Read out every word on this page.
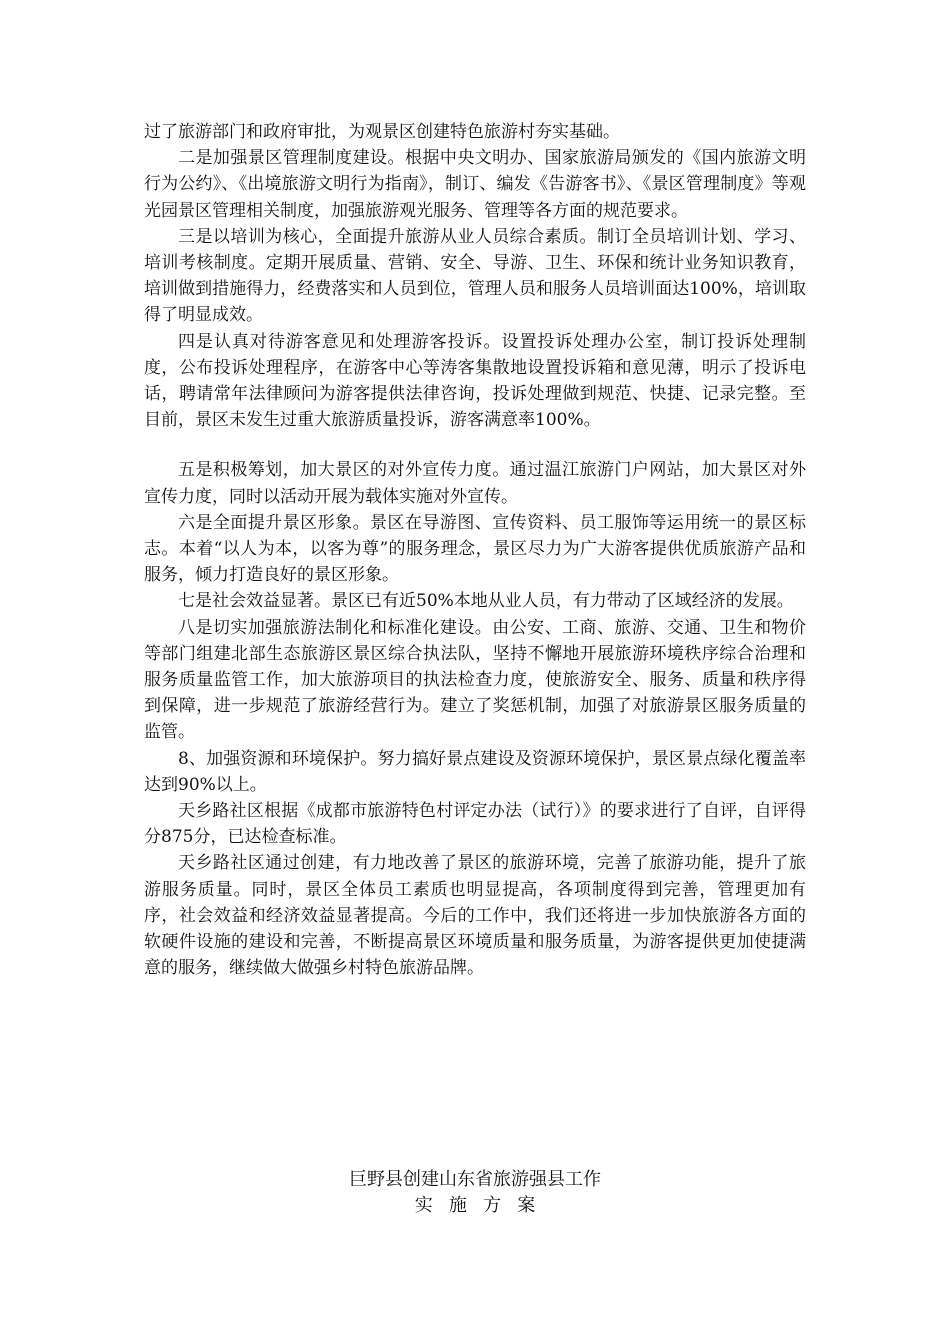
过了旅游部门和政府审批，为观景区创建特色旅游村夯实基础。

二是加强景区管理制度建设。根据中央文明办、国家旅游局颁发的《国内旅游文明行为公约》、《出境旅游文明行为指南》，制订、编发《告游客书》、《景区管理制度》等观光园景区管理相关制度，加强旅游观光服务、管理等各方面的规范要求。

三是以培训为核心，全面提升旅游从业人员综合素质。制订全员培训计划、学习、培训考核制度。定期开展质量、营销、安全、导游、卫生、环保和统计业务知识教育，培训做到措施得力，经费落实和人员到位，管理人员和服务人员培训面达100%，培训取得了明显成效。

四是认真对待游客意见和处理游客投诉。设置投诉处理办公室，制订投诉处理制度，公布投诉处理程序，在游客中心等涛客集散地设置投诉箱和意见薄，明示了投诉电话，聘请常年法律顾问为游客提供法律咨询，投诉处理做到规范、快捷、记录完整。至目前，景区未发生过重大旅游质量投诉，游客满意率100%。

五是积极筹划，加大景区的对外宣传力度。通过温江旅游门户网站，加大景区对外宣传力度，同时以活动开展为载体实施对外宣传。

六是全面提升景区形象。景区在导游图、宣传资料、员工服饰等运用统一的景区标志。本着“以人为本，以客为尊”的服务理念，景区尽力为广大游客提供优质旅游产品和服务，倾力打造良好的景区形象。

七是社会效益显著。景区已有近50%本地从业人员，有力带动了区域经济的发展。

八是切实加强旅游法制化和标准化建设。由公安、工商、旅游、交通、卫生和物价等部门组建北部生态旅游区景区综合执法队，坚持不懈地开展旅游环境秩序综合治理和服务质量监管工作，加大旅游项目的执法检查力度，使旅游安全、服务、质量和秩序得到保障，进一步规范了旅游经营行为。建立了奖惩机制，加强了对旅游景区服务质量的监管。

8、加强资源和环境保护。努力搞好景点建设及资源环境保护，景区景点绿化覆盖率达到90%以上。

天乡路社区根据《成都市旅游特色村评定办法（试行）》的要求进行了自评，自评得分875分，已达检查标准。

天乡路社区通过创建，有力地改善了景区的旅游环境，完善了旅游功能，提升了旅游服务质量。同时，景区全体员工素质也明显提高，各项制度得到完善，管理更加有序，社会效益和经济效益显著提高。今后的工作中，我们还将进一步加快旅游各方面的软硬件设施的建设和完善，不断提高景区环境质量和服务质量，为游客提供更加使捷满意的服务，继续做大做强乡村特色旅游品牌。

巨野县创建山东省旅游强县工作

实施方案
